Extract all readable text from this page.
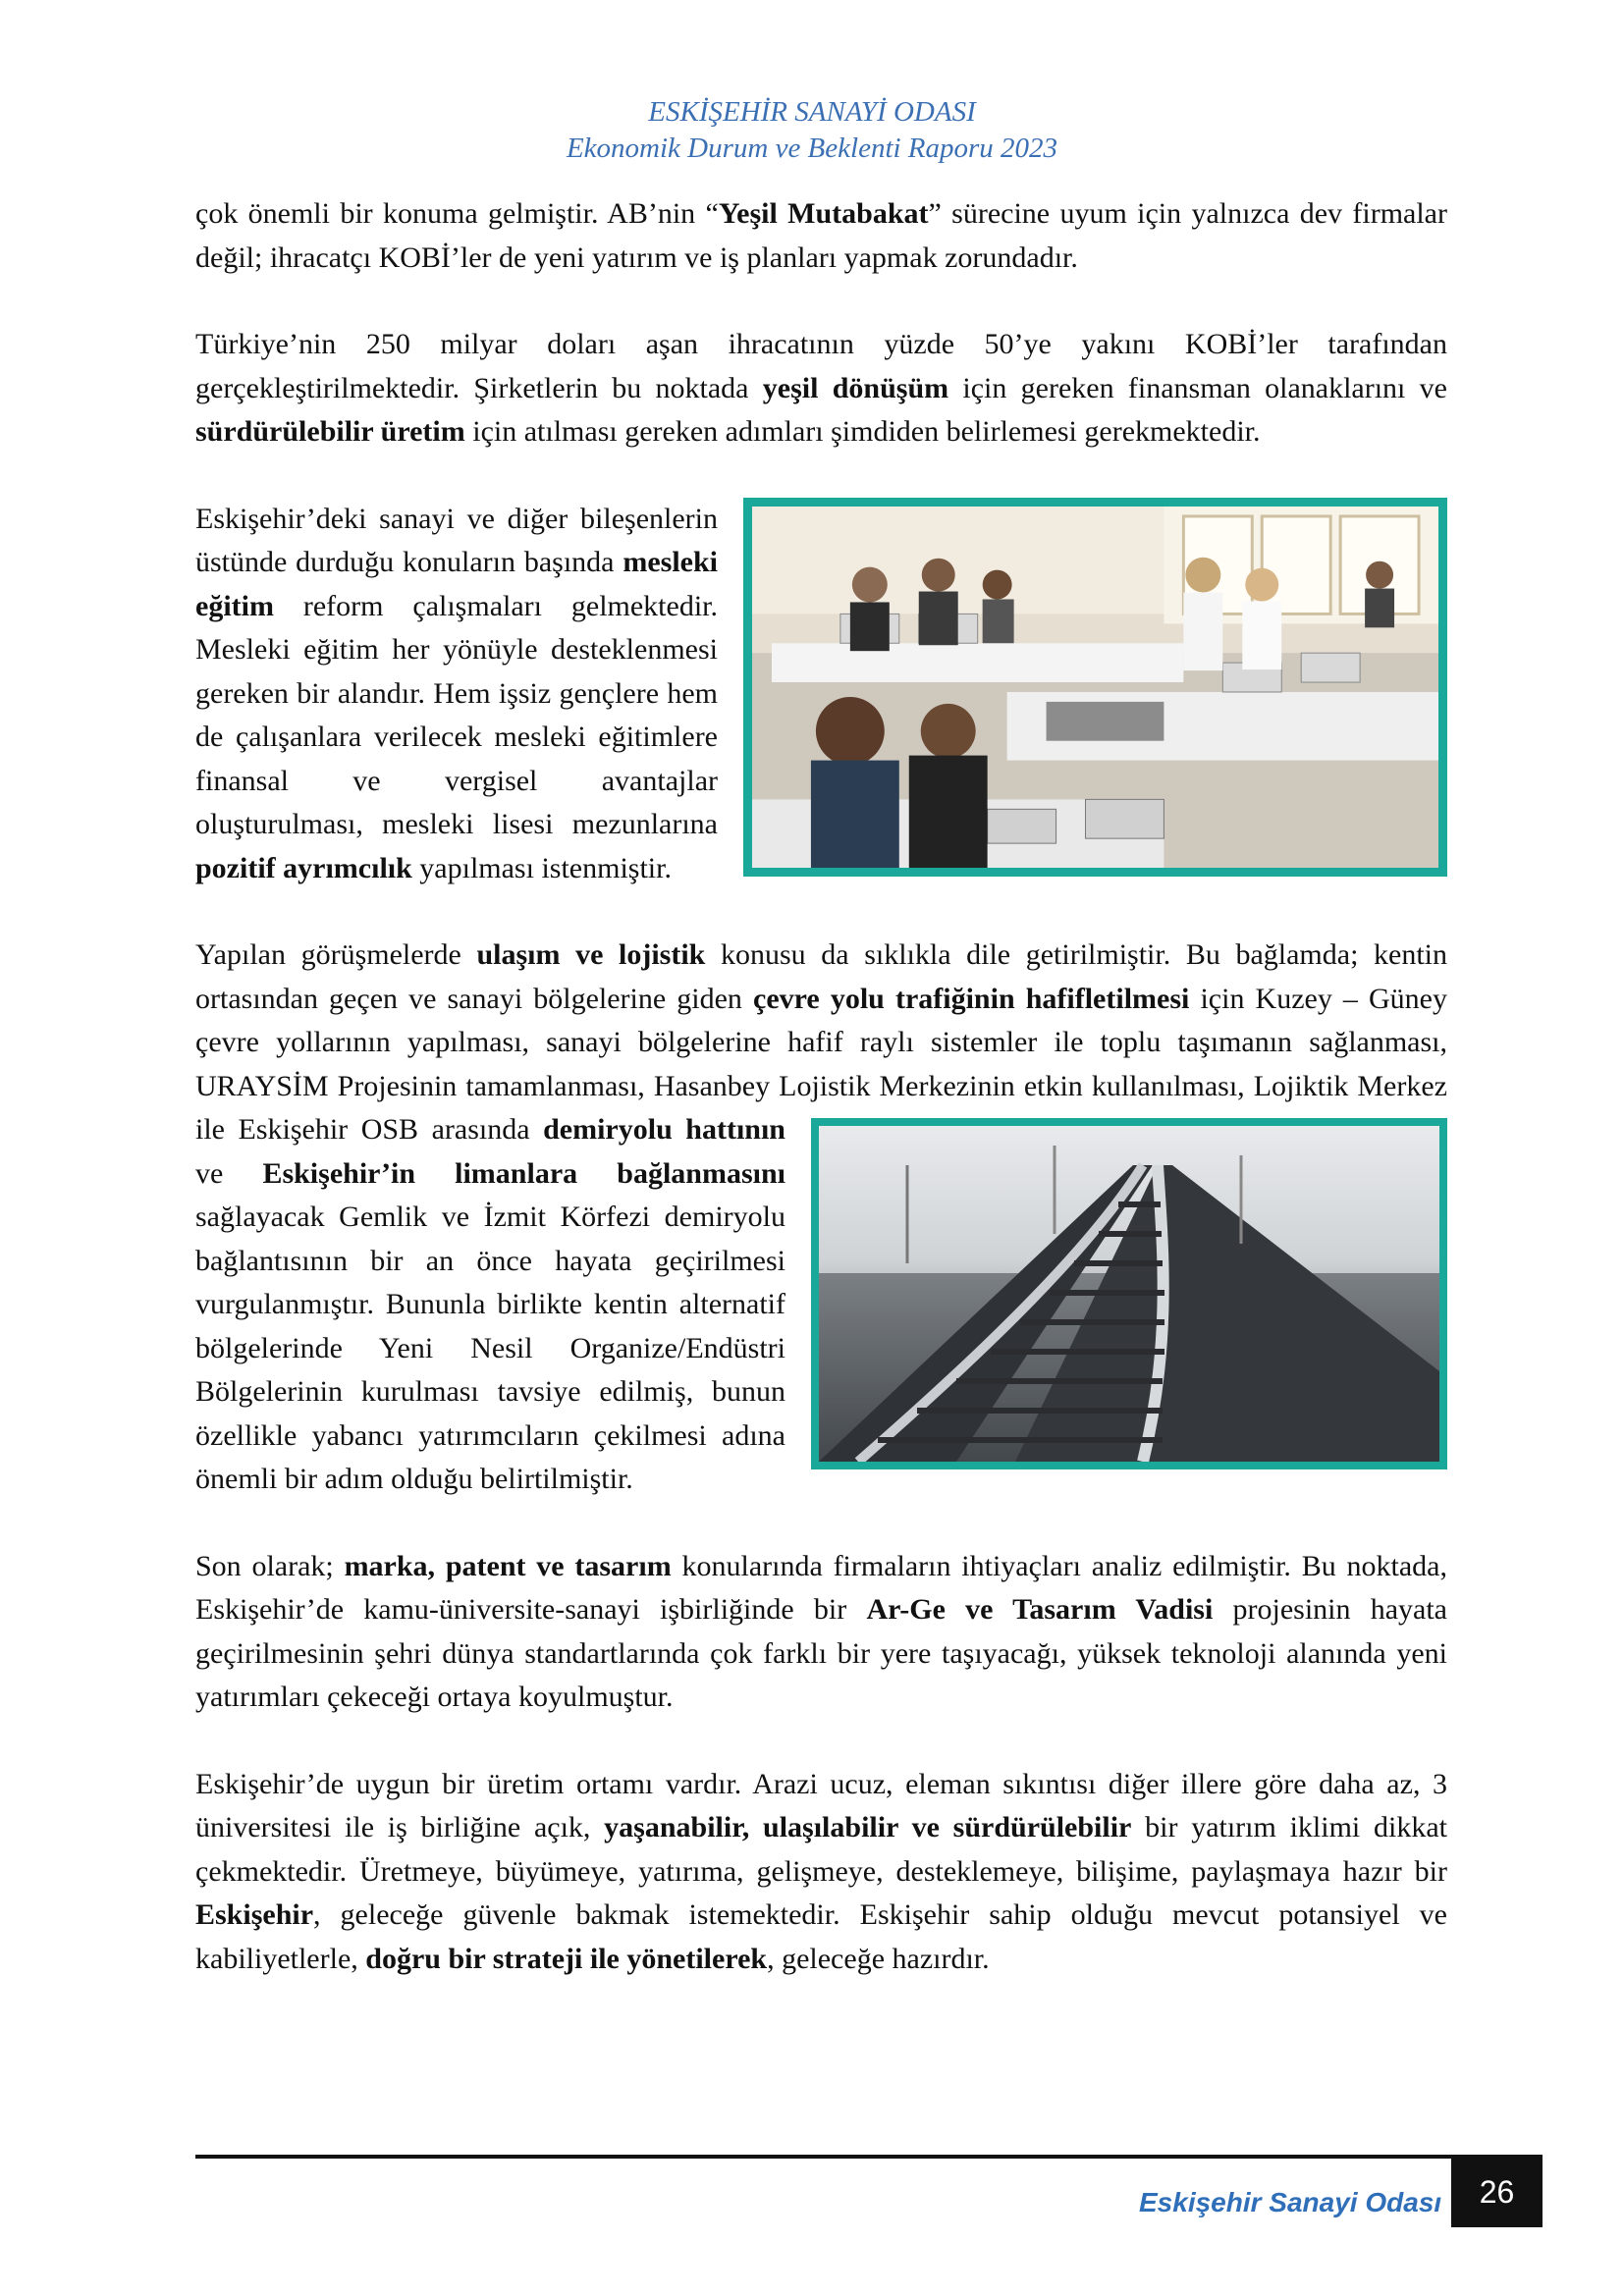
ESKİŞEHİR SANAYİ ODASI
Ekonomik Durum ve Beklenti Raporu 2023

çok önemli bir konuma gelmiştir. AB’nin “Yeşil Mutabakat” sürecine uyum için yalnızca dev firmalar değil; ihracatçı KOBİ’ler de yeni yatırım ve iş planları yapmak zorundadır.

Türkiye’nin 250 milyar doları aşan ihracatının yüzde 50’ye yakını KOBİ’ler tarafından gerçekleştirilmektedir. Şirketlerin bu noktada yeşil dönüşüm için gereken finansman olanaklarını ve sürdürülebilir üretim için atılması gereken adımları şimdiden belirlemesi gerekmektedir.

Eskişehir’deki sanayi ve diğer bileşenlerin üstünde durduğu konuların başında mesleki eğitim reform çalışmaları gelmektedir. Mesleki eğitim her yönüyle desteklenmesi gereken bir alandır. Hem işsiz gençlere hem de çalışanlara verilecek mesleki eğitimlere finansal ve vergisel avantajlar oluşturulması, mesleki lisesi mezunlarına pozitif ayrımcılık yapılması istenmiştir.

Yapılan görüşmelerde ulaşım ve lojistik konusu da sıklıkla dile getirilmiştir. Bu bağlamda; kentin ortasından geçen ve sanayi bölgelerine giden çevre yolu trafiğinin hafifletilmesi için Kuzey – Güney çevre yollarının yapılması, sanayi bölgelerine hafif raylı sistemler ile toplu taşımanın sağlanması, URAYSİM Projesinin tamamlanması, Hasanbey Lojistik Merkezinin etkin kullanılması, Lojiktik Merkez ile Eskişehir OSB arasında
demiryolu hattının ve Eskişehir’in limanlara bağlanmasını sağlayacak Gemlik ve İzmit Körfezi demiryolu bağlantısının bir an önce hayata geçirilmesi vurgulanmıştır. Bununla birlikte kentin alternatif bölgelerinde Yeni Nesil Organize/Endüstri Bölgelerinin kurulması tavsiye edilmiş, bunun özellikle yabancı yatırımcıların çekilmesi adına önemli bir adım olduğu belirtilmiştir.

Son olarak; marka, patent ve tasarım konularında firmaların ihtiyaçları analiz edilmiştir. Bu noktada, Eskişehir’de kamu-üniversite-sanayi işbirliğinde bir Ar-Ge ve Tasarım Vadisi projesinin hayata geçirilmesinin şehri dünya standartlarında çok farklı bir yere taşıyacağı, yüksek teknoloji alanında yeni yatırımları çekeceği ortaya koyulmuştur.

Eskişehir’de uygun bir üretim ortamı vardır. Arazi ucuz, eleman sıkıntısı diğer illere göre daha az, 3 üniversitesi ile iş birliğine açık, yaşanabilir, ulaşılabilir ve sürdürülebilir bir yatırım iklimi dikkat çekmektedir. Üretmeye, büyümeye, yatırıma, gelişmeye, desteklemeye, bilişime, paylaşmaya hazır bir Eskişehir, geleceğe güvenle bakmak istemektedir. Eskişehir sahip olduğu mevcut potansiyel ve kabiliyetlerle, doğru bir strateji ile yönetilerek, geleceğe hazırdır.

Eskişehir Sanayi Odası	26
